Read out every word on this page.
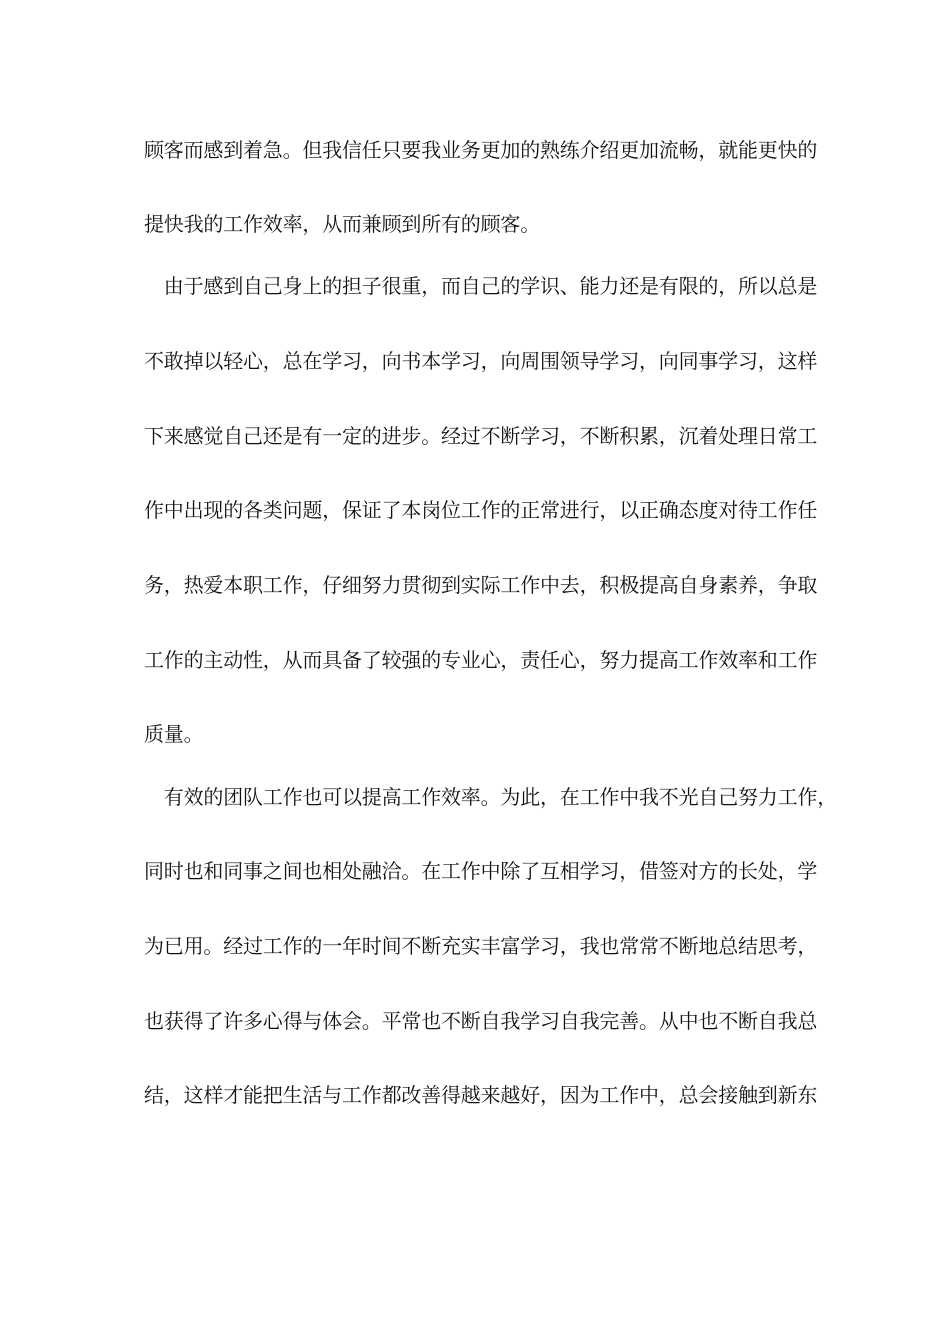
顾客而感到着急。但我信任只要我业务更加的熟练介绍更加流畅，就能更快的
提快我的工作效率，从而兼顾到所有的顾客。
　由于感到自己身上的担子很重，而自己的学识、能力还是有限的，所以总是
不敢掉以轻心，总在学习，向书本学习，向周围领导学习，向同事学习，这样
下来感觉自己还是有一定的进步。经过不断学习，不断积累，沉着处理日常工
作中出现的各类问题，保证了本岗位工作的正常进行，以正确态度对待工作任
务，热爱本职工作，仔细努力贯彻到实际工作中去，积极提高自身素养，争取
工作的主动性，从而具备了较强的专业心，责任心，努力提高工作效率和工作
质量。
　有效的团队工作也可以提高工作效率。为此，在工作中我不光自己努力工作，
同时也和同事之间也相处融洽。在工作中除了互相学习，借签对方的长处，学
为已用。经过工作的一年时间不断充实丰富学习，我也常常不断地总结思考，
也获得了许多心得与体会。平常也不断自我学习自我完善。从中也不断自我总
结，这样才能把生活与工作都改善得越来越好，因为工作中，总会接触到新东
